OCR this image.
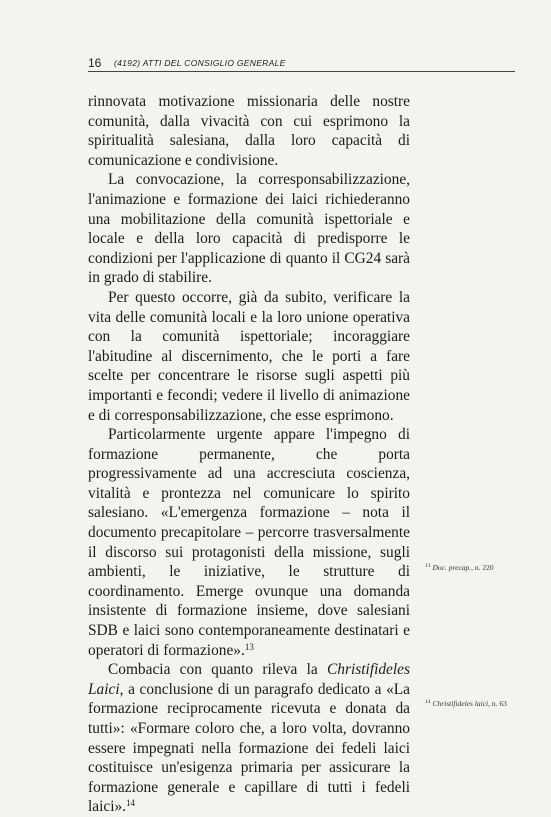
16 (4192) ATTI DEL CONSIGLIO GENERALE

rinnovata motivazione missionaria delle nostre comunità, dalla vivacità con cui esprimono la spiritualità salesiana, dalla loro capacità di comunicazione e condivisione.

La convocazione, la corresponsabilizzazione, l'animazione e formazione dei laici richiederanno una mobilitazione della comunità ispettoriale e locale e della loro capacità di predisporre le condizioni per l'applicazione di quanto il CG24 sarà in grado di stabilire.

Per questo occorre, già da subito, verificare la vita delle comunità locali e la loro unione operativa con la comunità ispettoriale; incoraggiare l'abitudine al discernimento, che le porti a fare scelte per concentrare le risorse sugli aspetti più importanti e fecondi; vedere il livello di animazione e di corresponsabilizzazione, che esse esprimono.

Particolarmente urgente appare l'impegno di formazione permanente, che porta progressivamente ad una accresciuta coscienza, vitalità e prontezza nel comunicare lo spirito salesiano. «L'emergenza formazione – nota il documento precapitolare – percorre trasversalmente il discorso sui protagonisti della missione, sugli ambienti, le iniziative, le strutture di coordinamento. Emerge ovunque una domanda insistente di formazione insieme, dove salesiani SDB e laici sono contemporaneamente destinatari e operatori di formazione».$^{13}$

Combacia con quanto rileva la Christifideles Laici, a conclusione di un paragrafo dedicato a «La formazione reciprocamente ricevuta e donata da tutti»: «Formare coloro che, a loro volta, dovranno essere impegnati nella formazione dei fedeli laici costituisce un'esigenza primaria per assicurare la formazione generale e capillare di tutti i fedeli laici».$^{14}$

$^{13}$ Doc. precap., n. 220
$^{14}$ Christifideles laici, n. 63
